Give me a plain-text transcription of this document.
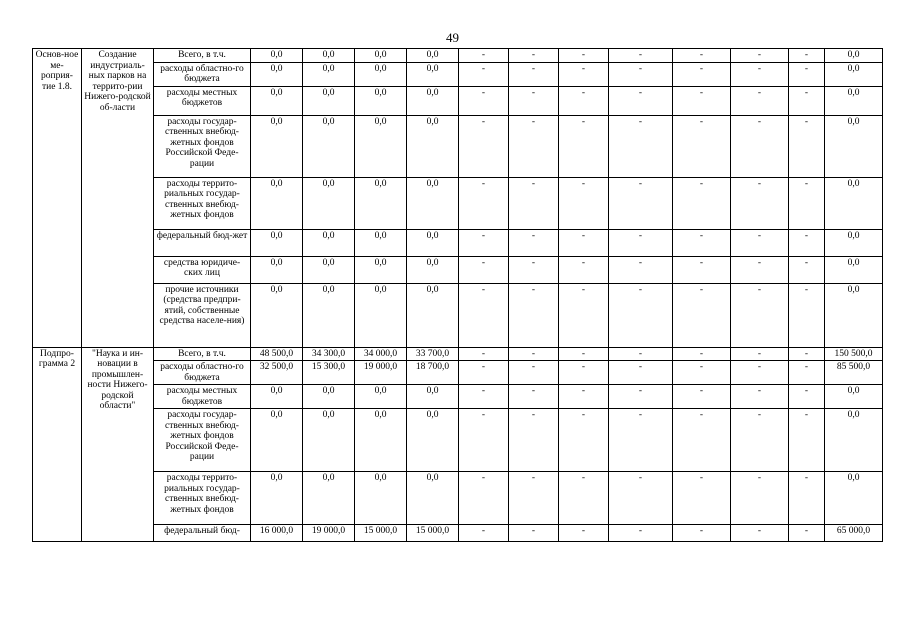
49
Основ-ное ме-роприя-тие 1.8.	Создание индустриаль-ных парков на террито-рии Нижего-родской об-ласти	Всего, в т.ч.	0,0	0,0	0,0	0,0	-	-	-	-	-	-	-	0,0
		расходы областно-го бюджета	0,0	0,0	0,0	0,0	-	-	-	-	-	-	-	0,0
		расходы местных бюджетов	0,0	0,0	0,0	0,0	-	-	-	-	-	-	-	0,0
		расходы государ-ственных внебюд-жетных фондов Российской Феде-рации	0,0	0,0	0,0	0,0	-	-	-	-	-	-	-	0,0
		расходы террито-риальных государ-ственных внебюд-жетных фондов	0,0	0,0	0,0	0,0	-	-	-	-	-	-	-	0,0
		федеральный бюд-жет	0,0	0,0	0,0	0,0	-	-	-	-	-	-	-	0,0
		средства юридиче-ских лиц	0,0	0,0	0,0	0,0	-	-	-	-	-	-	-	0,0
		прочие источники (средства предпри-ятий, собственные средства населе-ния)	0,0	0,0	0,0	0,0	-	-	-	-	-	-	-	0,0
Подпро-грамма 2	"Наука и ин-новации в промышлен-ности Нижего-родской области"	Всего, в т.ч.	48 500,0	34 300,0	34 000,0	33 700,0	-	-	-	-	-	-	-	150 500,0
		расходы областно-го бюджета	32 500,0	15 300,0	19 000,0	18 700,0	-	-	-	-	-	-	-	85 500,0
		расходы местных бюджетов	0,0	0,0	0,0	0,0	-	-	-	-	-	-	-	0,0
		расходы государ-ственных внебюд-жетных фондов Российской Феде-рации	0,0	0,0	0,0	0,0	-	-	-	-	-	-	-	0,0
		расходы террито-риальных государ-ственных внебюд-жетных фондов	0,0	0,0	0,0	0,0	-	-	-	-	-	-	-	0,0
		федеральный бюд-	16 000,0	19 000,0	15 000,0	15 000,0	-	-	-	-	-	-	-	65 000,0
